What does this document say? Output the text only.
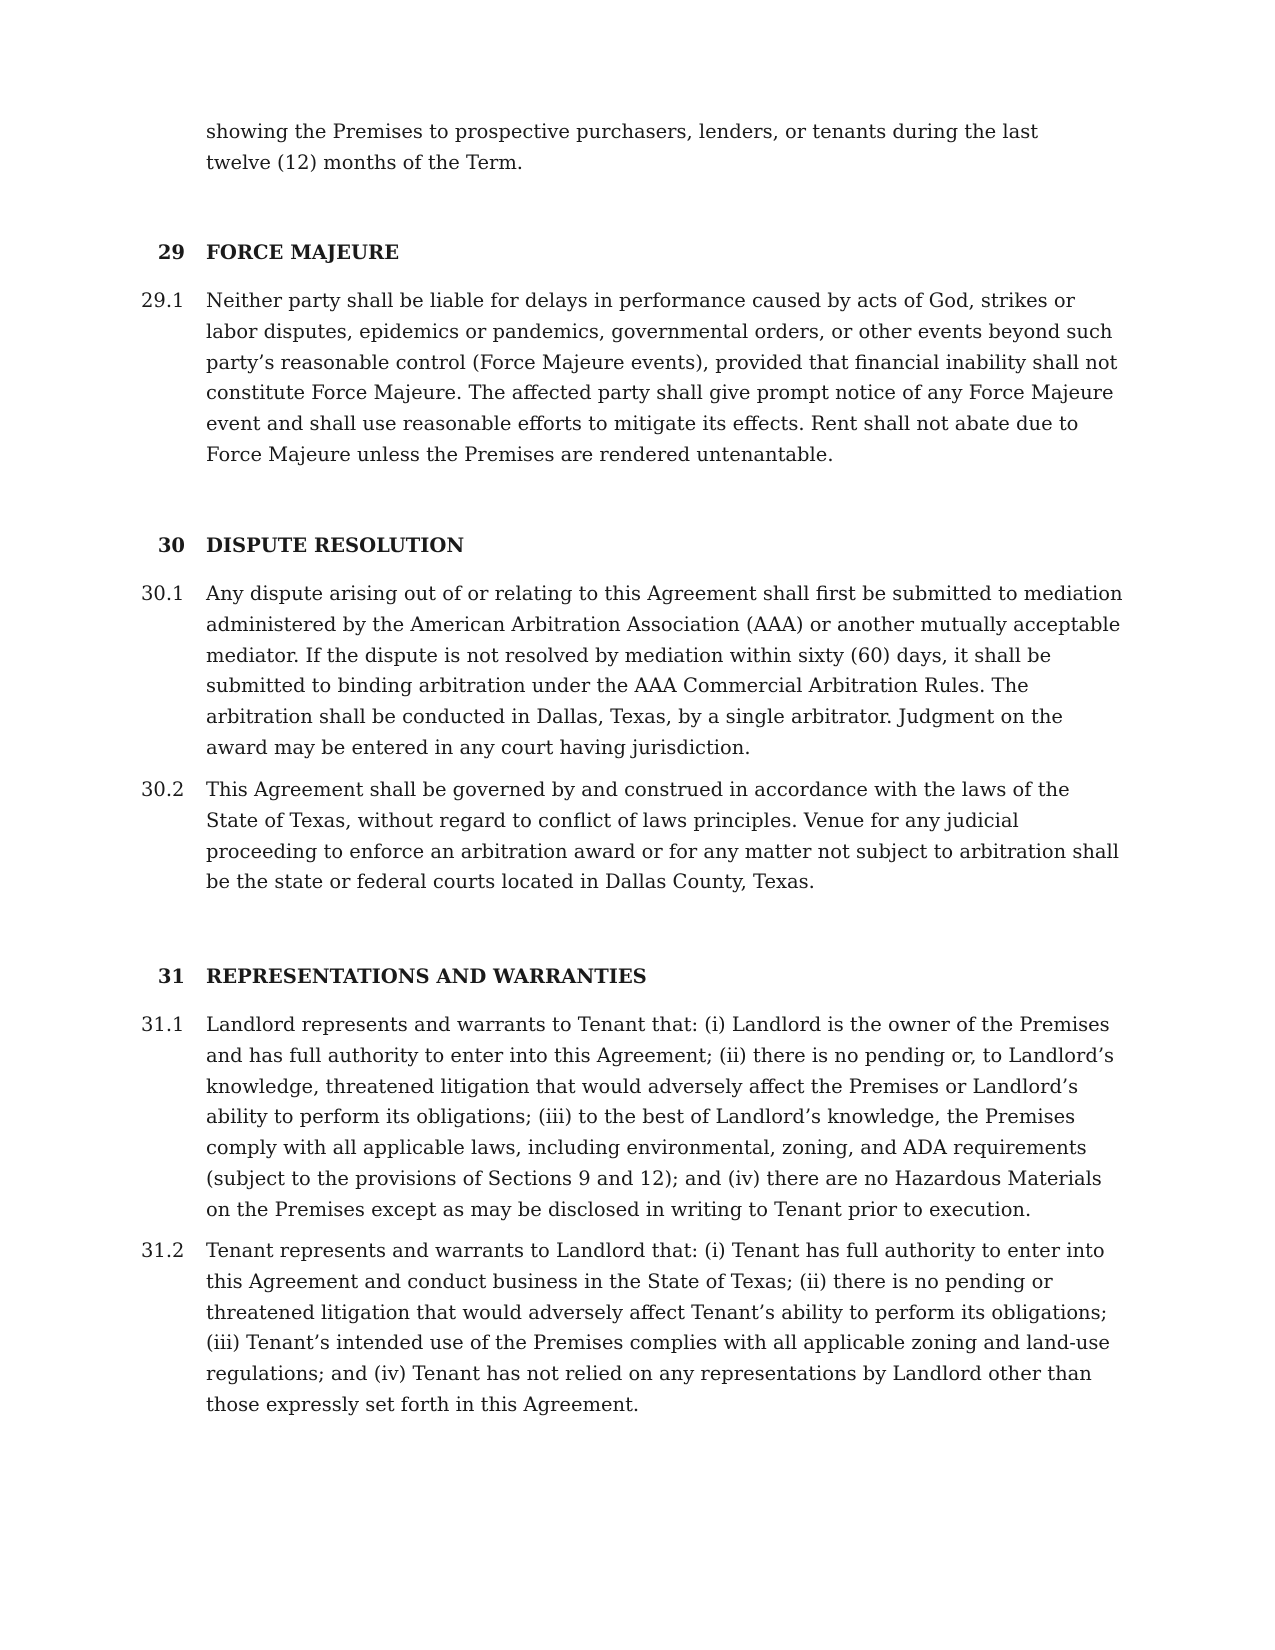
showing the Premises to prospective purchasers, lenders, or tenants during the last twelve (12) months of the Term.
29 FORCE MAJEURE
29.1 Neither party shall be liable for delays in performance caused by acts of God, strikes or labor disputes, epidemics or pandemics, governmental orders, or other events beyond such party’s reasonable control (Force Majeure events), provided that financial inability shall not constitute Force Majeure. The affected party shall give prompt notice of any Force Majeure event and shall use reasonable efforts to mitigate its effects. Rent shall not abate due to Force Majeure unless the Premises are rendered untenantable.
30 DISPUTE RESOLUTION
30.1 Any dispute arising out of or relating to this Agreement shall first be submitted to mediation administered by the American Arbitration Association (AAA) or another mutually acceptable mediator. If the dispute is not resolved by mediation within sixty (60) days, it shall be submitted to binding arbitration under the AAA Commercial Arbitration Rules. The arbitration shall be conducted in Dallas, Texas, by a single arbitrator. Judgment on the award may be entered in any court having jurisdiction.
30.2 This Agreement shall be governed by and construed in accordance with the laws of the State of Texas, without regard to conflict of laws principles. Venue for any judicial proceeding to enforce an arbitration award or for any matter not subject to arbitration shall be the state or federal courts located in Dallas County, Texas.
31 REPRESENTATIONS AND WARRANTIES
31.1 Landlord represents and warrants to Tenant that: (i) Landlord is the owner of the Premises and has full authority to enter into this Agreement; (ii) there is no pending or, to Landlord’s knowledge, threatened litigation that would adversely affect the Premises or Landlord’s ability to perform its obligations; (iii) to the best of Landlord’s knowledge, the Premises comply with all applicable laws, including environmental, zoning, and ADA requirements (subject to the provisions of Sections 9 and 12); and (iv) there are no Hazardous Materials on the Premises except as may be disclosed in writing to Tenant prior to execution.
31.2 Tenant represents and warrants to Landlord that: (i) Tenant has full authority to enter into this Agreement and conduct business in the State of Texas; (ii) there is no pending or threatened litigation that would adversely affect Tenant’s ability to perform its obligations; (iii) Tenant’s intended use of the Premises complies with all applicable zoning and land-use regulations; and (iv) Tenant has not relied on any representations by Landlord other than those expressly set forth in this Agreement.
